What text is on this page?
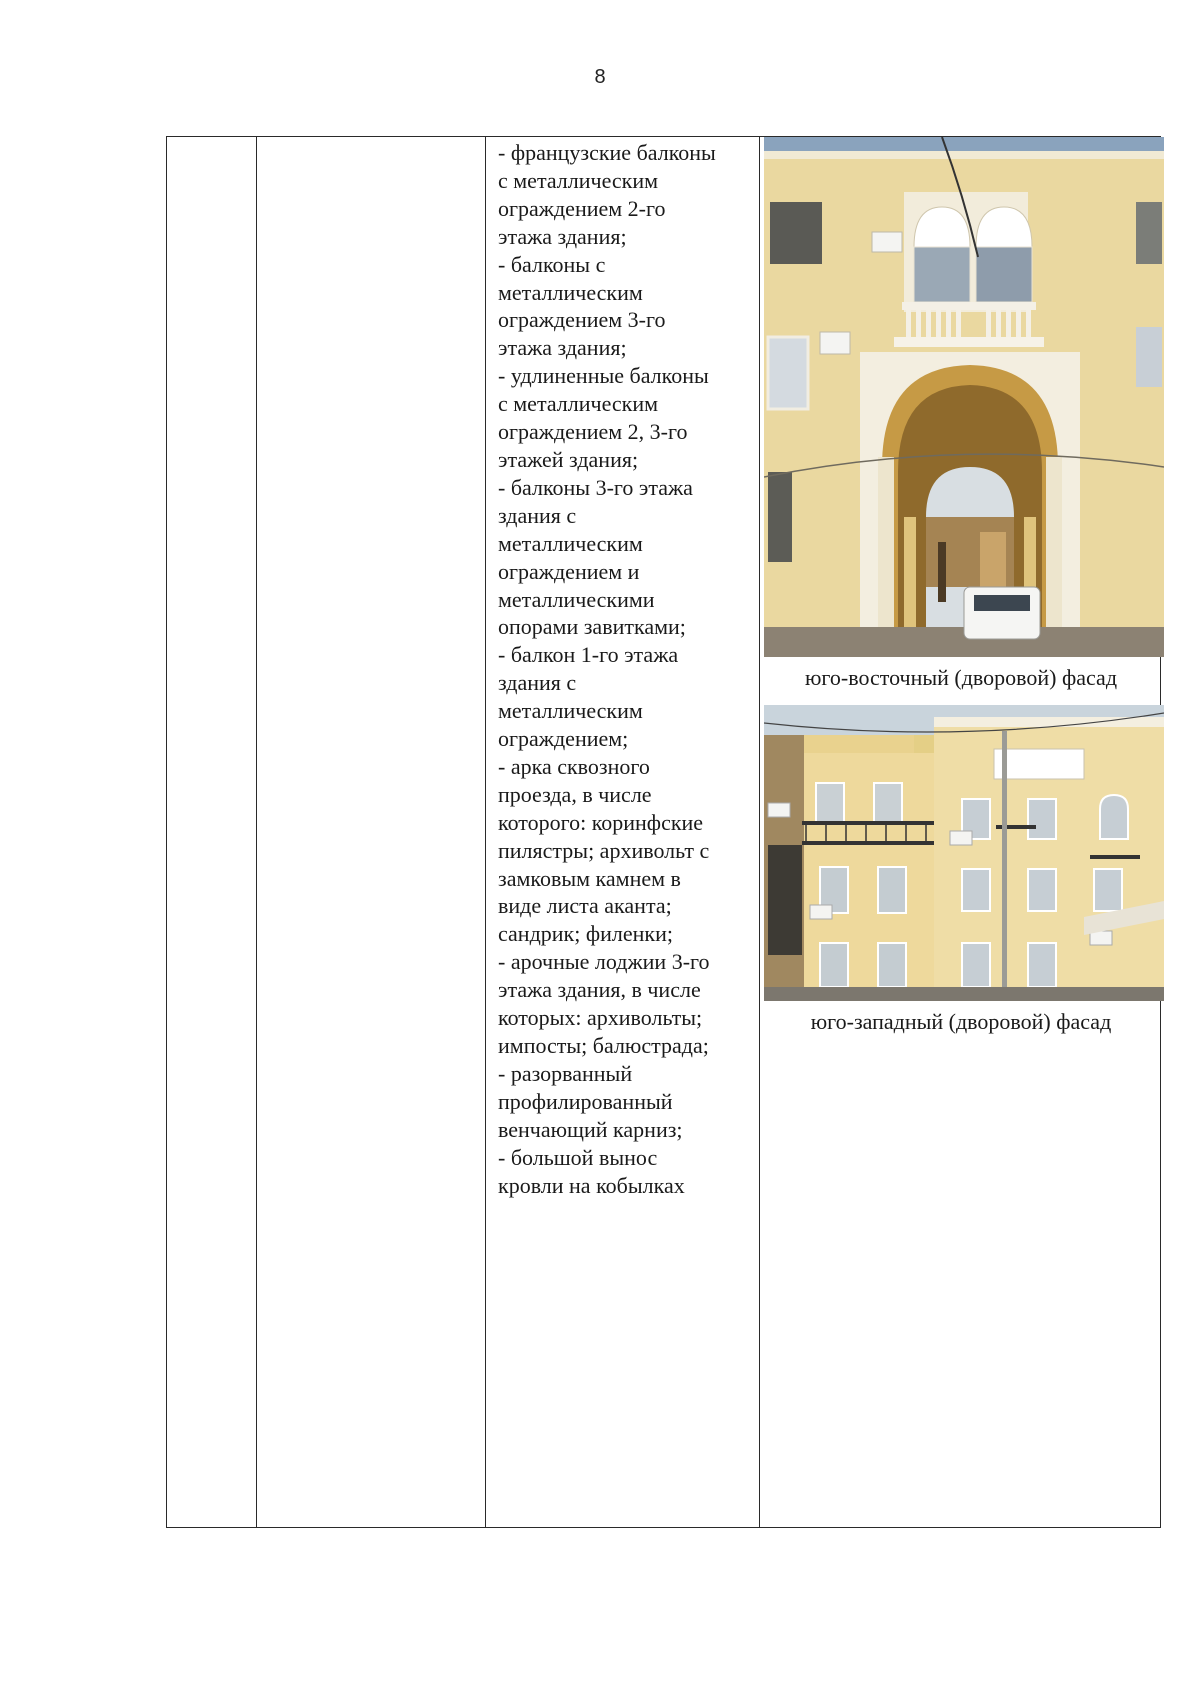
8

- французские балконы
с металлическим
ограждением 2-го
этажа здания;
- балконы с
металлическим
ограждением 3-го
этажа здания;
- удлиненные балконы
с металлическим
ограждением 2, 3-го
этажей здания;
- балконы 3-го этажа
здания с
металлическим
ограждением и
металлическими
опорами завитками;
- балкон 1-го этажа
здания с
металлическим
ограждением;
- арка сквозного
проезда, в числе
которого: коринфские
пилястры; архивольт с
замковым камнем в
виде листа аканта;
сандрик; филенки;
- арочные лоджии 3-го
этажа здания, в числе
которых: архивольты;
импосты; балюстрада;
- разорванный
профилированный
венчающий карниз;
- большой вынос
кровли на кобылках

юго-восточный (дворовой) фасад
юго-западный (дворовой) фасад
